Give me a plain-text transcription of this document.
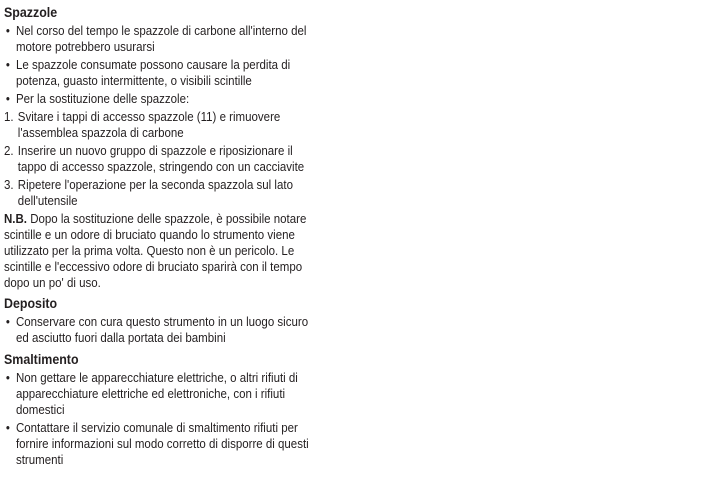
Spazzole
• Nel corso del tempo le spazzole di carbone all'interno del motore potrebbero usurarsi
• Le spazzole consumate possono causare la perdita di potenza, guasto intermittente, o visibili scintille
• Per la sostituzione delle spazzole:
1. Svitare i tappi di accesso spazzole (11) e rimuovere l'assemblea spazzola di carbone
2. Inserire un nuovo gruppo di spazzole e riposizionare il tappo di accesso spazzole, stringendo con un cacciavite
3. Ripetere l'operazione per la seconda spazzola sul lato dell'utensile

N.B. Dopo la sostituzione delle spazzole, è possibile notare scintille e un odore di bruciato quando lo strumento viene utilizzato per la prima volta. Questo non è un pericolo. Le scintille e l'eccessivo odore di bruciato sparirà con il tempo dopo un po' di uso.

Deposito
• Conservare con cura questo strumento in un luogo sicuro ed asciutto fuori dalla portata dei bambini
Smaltimento
• Non gettare le apparecchiature elettriche, o altri rifiuti di apparecchiature elettriche ed elettroniche, con i rifiuti domestici
• Contattare il servizio comunale di smaltimento rifiuti per fornire informazioni sul modo corretto di disporre di questi strumenti
